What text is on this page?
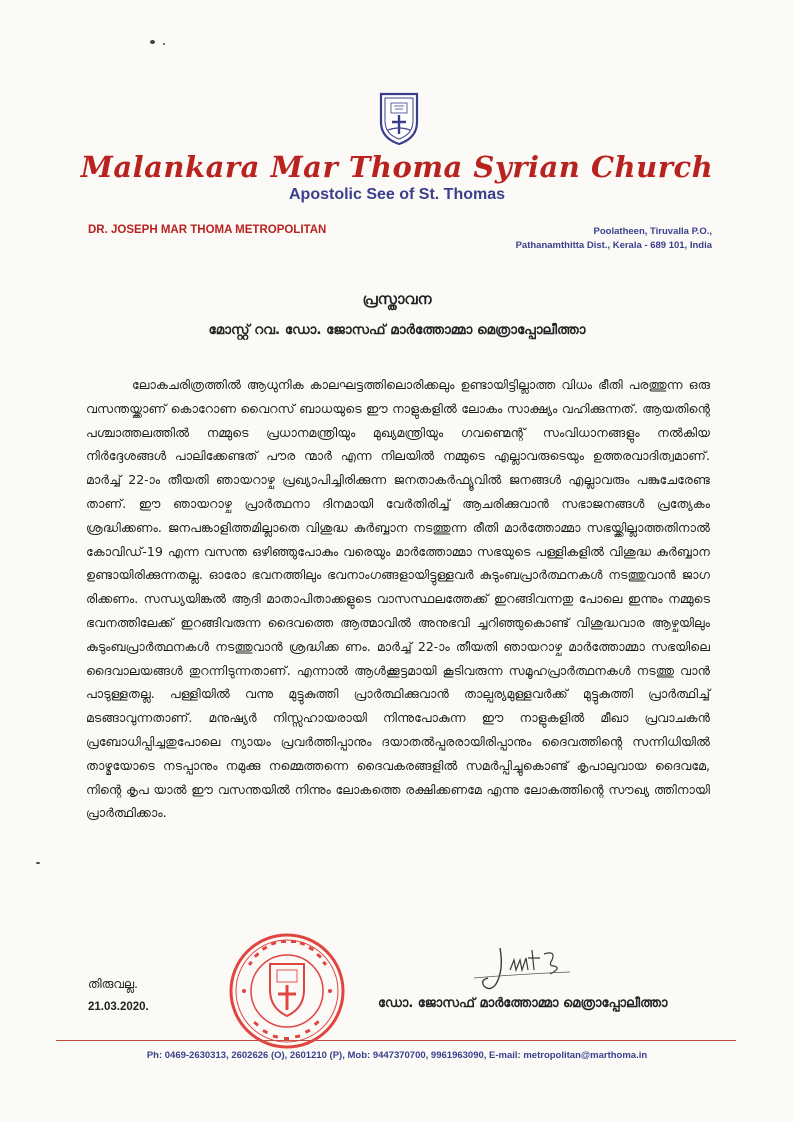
Malankara Mar Thoma Syrian Church
Apostolic See of St. Thomas
DR. JOSEPH MAR THOMA METROPOLITAN	Poolatheen, Tiruvalla P.O.,
Pathanamthitta Dist., Kerala - 689 101, India
പ്രസ്താവന
മോസ്റ്റ് റവ. ഡോ. ജോസഫ് മാർത്തോമ്മാ മെത്രാപ്പോലീത്താ

ലോകചരിത്രത്തിൽ ആധുനിക കാലഘട്ടത്തിലൊരിക്കലും ഉണ്ടായിട്ടില്ലാത്ത വിധം ഭീതി പരത്തുന്ന ഒരു വസന്തയ്ക്കാണ് കൊറോണ വൈറസ് ബാധയുടെ ഈ നാളുകളിൽ ലോകം സാക്ഷ്യം വഹിക്കുന്നത്. ആയതിന്റെ പശ്ചാത്തലത്തിൽ നമ്മുടെ പ്രധാനമന്ത്രിയും മുഖ്യമന്ത്രിയും ഗവണ്മെന്റ് സംവിധാനങ്ങളും നൽകിയ നിർദ്ദേശങ്ങൾ പാലിക്കേണ്ടത് പൗര ന്മാർ എന്ന നിലയിൽ നമ്മുടെ എല്ലാവരുടെയും ഉത്തരവാദിത്വമാണ്. മാർച്ച് 22-ാം തീയതി ഞായറാഴ്ച പ്രഖ്യാപിച്ചിരിക്കുന്ന ജനതാകർഫ്യൂവിൽ ജനങ്ങൾ എല്ലാവരും പങ്കുചേരേണ്ട താണ്. ഈ ഞായറാഴ്ച പ്രാർത്ഥനാ ദിനമായി വേർതിരിച്ച് ആചരിക്കുവാൻ സഭാജനങ്ങൾ പ്രത്യേകം ശ്രദ്ധിക്കണം. ജനപങ്കാളിത്തമില്ലാതെ വിശുദ്ധ കുർബ്ബാന നടത്തുന്ന രീതി മാർത്തോമ്മാ സഭയ്ക്കില്ലാത്തതിനാൽ കോവിഡ്-19 എന്ന വസന്ത ഒഴിഞ്ഞുപോകും വരെയും മാർത്തോമ്മാ സഭയുടെ പള്ളികളിൽ വിശുദ്ധ കുർബ്ബാന ഉണ്ടായിരിക്കുന്നതല്ല. ഓരോ ഭവനത്തിലും ഭവനാംഗങ്ങളായിട്ടുള്ളവർ കുടുംബപ്രാർത്ഥനകൾ നടത്തുവാൻ ജാഗ രിക്കണം. സന്ധ്യയിങ്കൽ ആദി മാതാപിതാക്കളുടെ വാസസ്ഥലത്തേക്ക് ഇറങ്ങിവന്നതു പോലെ ഇന്നും നമ്മുടെ ഭവനത്തിലേക്ക് ഇറങ്ങിവരുന്ന ദൈവത്തെ ആത്മാവിൽ അനുഭവി ച്ചറിഞ്ഞുകൊണ്ട് വിശുദ്ധവാര ആഴ്ചയിലും കുടുംബപ്രാർത്ഥനകൾ നടത്തുവാൻ ശ്രദ്ധിക്ക ണം. മാർച്ച് 22-ാം തീയതി ഞായറാഴ്ച മാർത്തോമ്മാ സഭയിലെ ദൈവാലയങ്ങൾ തുറന്നിടുന്നതാണ്. എന്നാൽ ആൾക്കൂട്ടമായി കൂടിവരുന്ന സമൂഹപ്രാർത്ഥനകൾ നടത്തു വാൻ പാടുള്ളതല്ല. പള്ളിയിൽ വന്നു മുട്ടുകുത്തി പ്രാർത്ഥിക്കുവാൻ താല്പര്യമുള്ളവർക്ക് മുട്ടുകുത്തി പ്രാർത്ഥിച്ച് മടങ്ങാവുന്നതാണ്. മനുഷ്യർ നിസ്സഹായരായി നിന്നുപോകുന്ന ഈ നാളുകളിൽ മീഖാ പ്രവാചകൻ പ്രബോധിപ്പിച്ചതുപോലെ ന്യായം പ്രവർത്തിപ്പാനും ദയാതൽപ്പരരായിരിപ്പാനും ദൈവത്തിന്റെ സന്നിധിയിൽ താഴ്മയോടെ നടപ്പാനും നമുക്കു നമ്മെത്തന്നെ ദൈവകരങ്ങളിൽ സമർപ്പിച്ചുകൊണ്ട് കൃപാലുവായ ദൈവമേ, നിന്റെ കൃപ യാൽ ഈ വസന്തയിൽ നിന്നും ലോകത്തെ രക്ഷിക്കണമേ എന്നു ലോകത്തിന്റെ സൗഖ്യ ത്തിനായി പ്രാർത്ഥിക്കാം.

തിരുവല്ല.
21.03.2020.	ഡോ. ജോസഫ് മാർത്തോമ്മാ മെത്രാപ്പോലീത്താ
Ph: 0469-2630313, 2602626 (O), 2601210 (P), Mob: 9447370700, 9961963090, E-mail: metropolitan@marthoma.in
